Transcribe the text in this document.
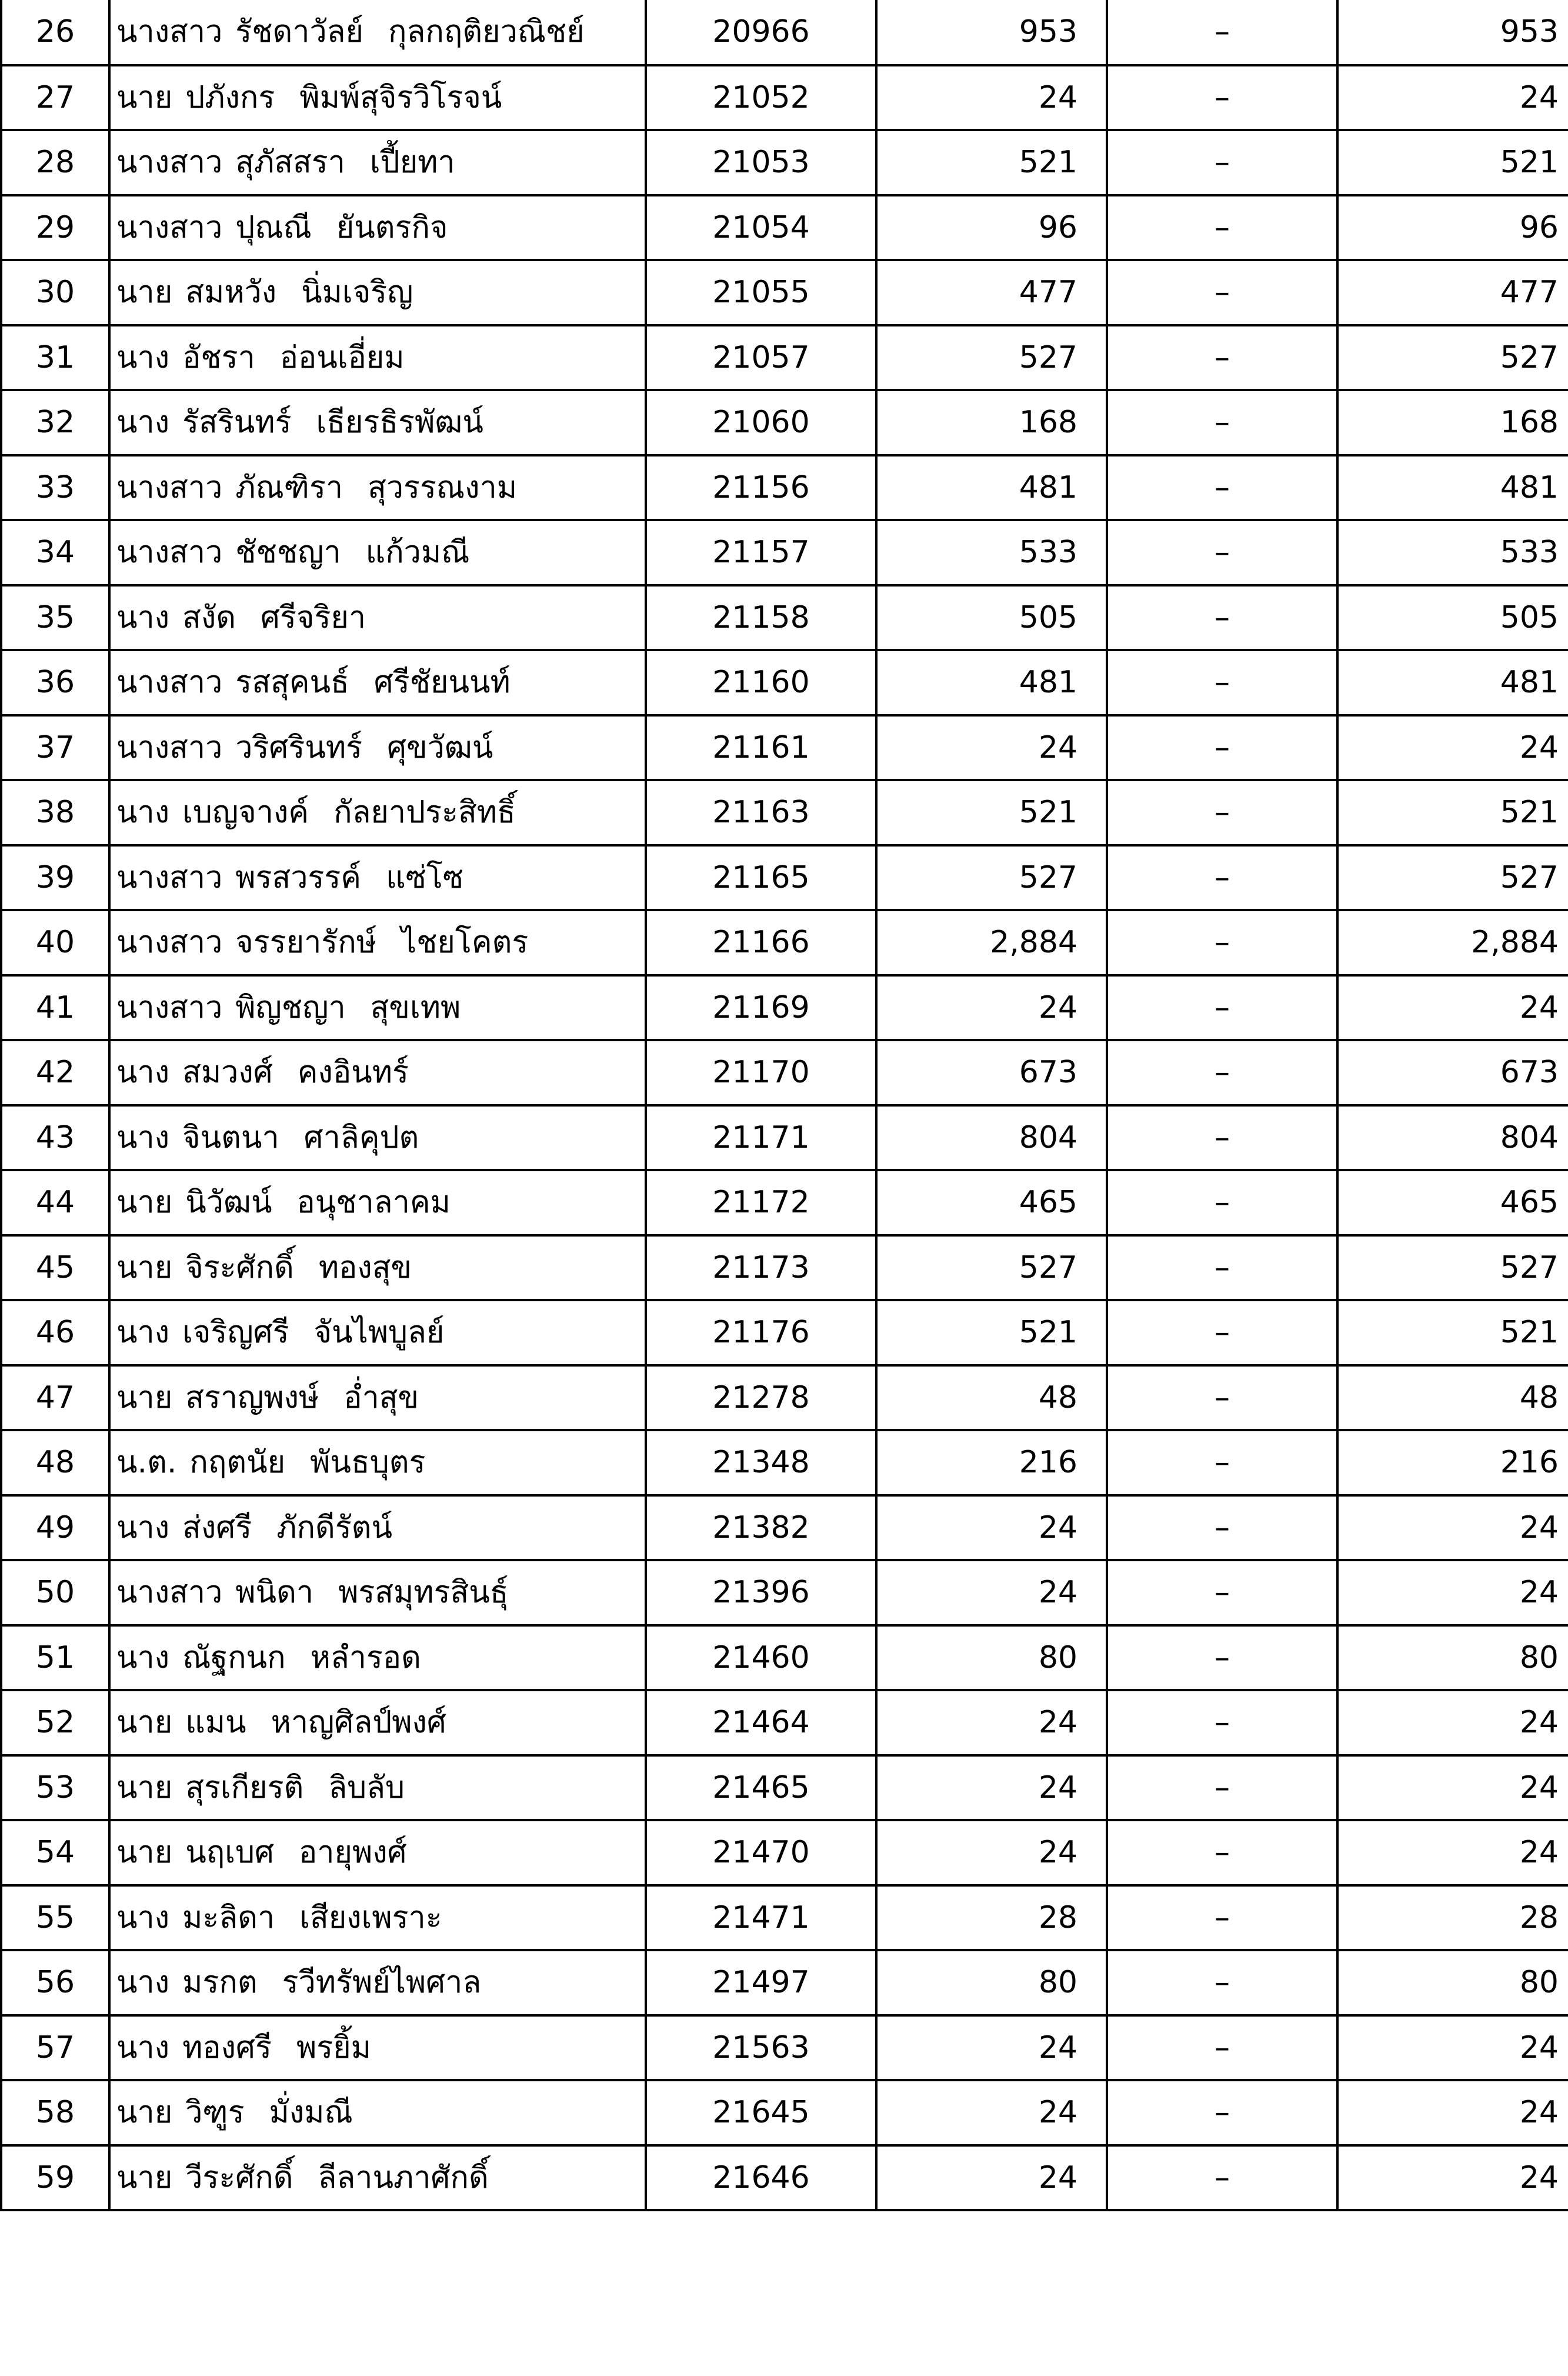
26	นางสาว รัชดาวัลย์ กุลกฤติยวณิชย์	20966	953	–	953
27	นาย ปภังกร พิมพ์สุจิรวิโรจน์	21052	24	–	24
28	นางสาว สุภัสสรา เปี้ยทา	21053	521	–	521
29	นางสาว ปุณณี ยันตรกิจ	21054	96	–	96
30	นาย สมหวัง นิ่มเจริญ	21055	477	–	477
31	นาง อัชรา อ่อนเอี่ยม	21057	527	–	527
32	นาง รัสรินทร์ เธียรธิรพัฒน์	21060	168	–	168
33	นางสาว ภัณฑิรา สุวรรณงาม	21156	481	–	481
34	นางสาว ชัชชญา แก้วมณี	21157	533	–	533
35	นาง สงัด ศรีจริยา	21158	505	–	505
36	นางสาว รสสุคนธ์ ศรีชัยนนท์	21160	481	–	481
37	นางสาว วริศรินทร์ ศุขวัฒน์	21161	24	–	24
38	นาง เบญจางค์ กัลยาประสิทธิ์	21163	521	–	521
39	นางสาว พรสวรรค์ แซ่โซ	21165	527	–	527
40	นางสาว จรรยารักษ์ ไชยโคตร	21166	2,884	–	2,884
41	นางสาว พิญชญา สุขเทพ	21169	24	–	24
42	นาง สมวงศ์ คงอินทร์	21170	673	–	673
43	นาง จินตนา ศาลิคุปต	21171	804	–	804
44	นาย นิวัฒน์ อนุชาลาคม	21172	465	–	465
45	นาย จิระศักดิ์ ทองสุข	21173	527	–	527
46	นาง เจริญศรี จันไพบูลย์	21176	521	–	521
47	นาย สราญพงษ์ อ่ำสุข	21278	48	–	48
48	น.ต. กฤตนัย พันธบุตร	21348	216	–	216
49	นาง ส่งศรี ภักดีรัตน์	21382	24	–	24
50	นางสาว พนิดา พรสมุทรสินธุ์	21396	24	–	24
51	นาง ณัฐกนก หลำรอด	21460	80	–	80
52	นาย แมน หาญศิลป์พงศ์	21464	24	–	24
53	นาย สุรเกียรติ ลิบลับ	21465	24	–	24
54	นาย นฤเบศ อายุพงศ์	21470	24	–	24
55	นาง มะลิดา เสียงเพราะ	21471	28	–	28
56	นาง มรกต รวีทรัพย์ไพศาล	21497	80	–	80
57	นาง ทองศรี พรยิ้ม	21563	24	–	24
58	นาย วิฑูร มั่งมณี	21645	24	–	24
59	นาย วีระศักดิ์ ลีลานภาศักดิ์	21646	24	–	24
